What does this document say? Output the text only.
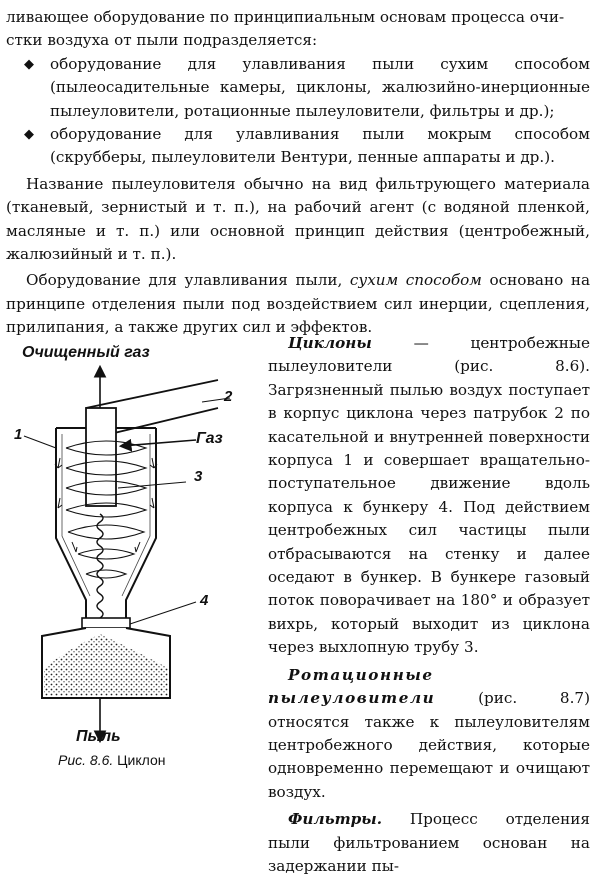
ливающее оборудование по принципиальным основам процесса очи-
стки воздуха от пыли подразделяется:

◆ оборудование для улавливания пыли сухим способом (пылеосадительные камеры, циклоны, жалюзийно-инерционные пылеуловители, ротационные пылеуловители, фильтры и др.);
◆ оборудование для улавливания пыли мокрым способом (скрубберы, пылеуловители Вентури, пенные аппараты и др.).

Название пылеуловителя обычно на вид фильтрующего материала (тканевый, зернистый и т. п.), на рабочий агент (с водяной пленкой, масляные и т. п.) или основной принцип действия (центробежный, жалюзийный и т. п.).

Оборудование для улавливания пыли, сухим способом основано на принципе отделения пыли под воздействием сил инерции, сцепления, прилипания, а также других сил и эффектов.

Циклоны — центробежные пылеуловители (рис. 8.6). Загрязненный пылью воздух поступает в корпус циклона через патрубок 2 по касательной и внутренней поверхности корпуса 1 и совершает вращательно-поступательное движение вдоль корпуса к бункеру 4. Под действием центробежных сил частицы пыли отбрасываются на стенку и далее оседают в бункер. В бункере газовый поток поворачивает на 180° и образует вихрь, который выходит из циклона через выхлопную трубу 3.

Ротационные пылеуловители (рис. 8.7) относятся также к пылеуловителям центробежного действия, которые одновременно перемещают и очищают воздух.

Фильтры. Процесс отделения пыли фильтрованием основан на задержании пы-

Очищенный газ
Газ
Пыль
1
2
3
4
Рис. 8.6. Циклон
